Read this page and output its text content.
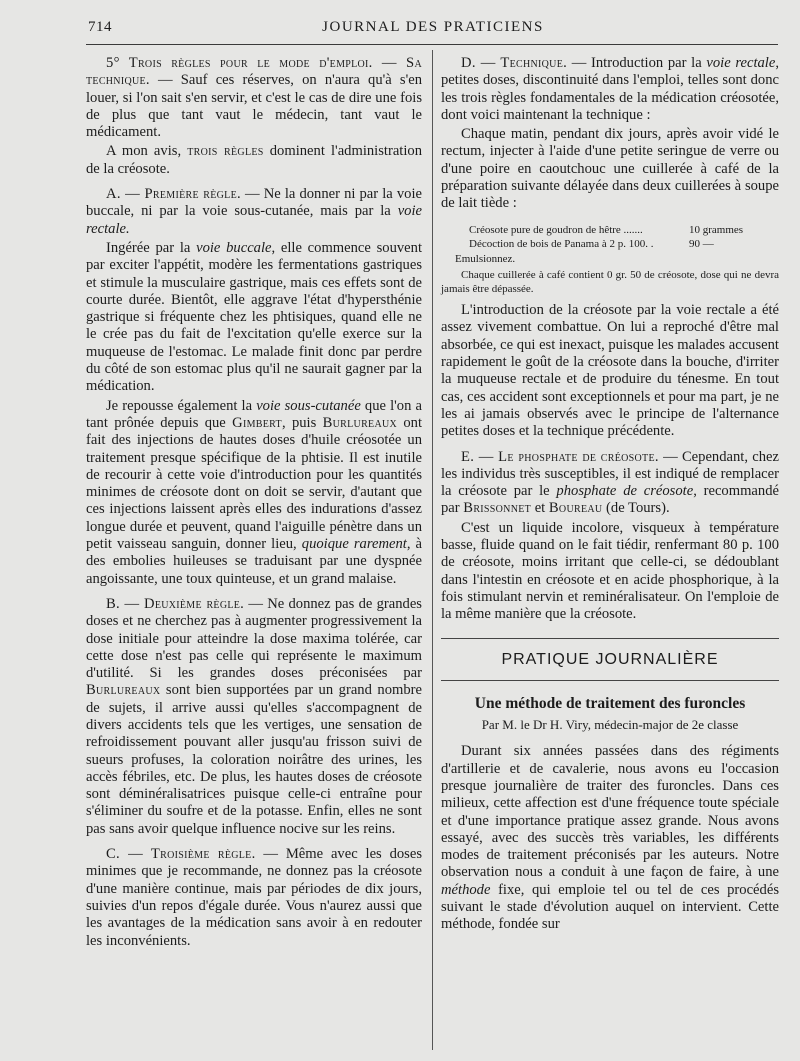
714	JOURNAL DES PRATICIENS

5° Trois règles pour le mode d'emploi. — Sa technique. — Sauf ces réserves, on n'aura qu'à s'en louer, si l'on sait s'en servir, et c'est le cas de dire une fois de plus que tant vaut le médecin, tant vaut le médicament.

A mon avis, trois règles dominent l'administration de la créosote.

A. — Première règle. — Ne la donner ni par la voie buccale, ni par la voie sous-cutanée, mais par la voie rectale.

Ingérée par la voie buccale, elle commence souvent par exciter l'appétit, modère les fermentations gastriques et stimule la musculaire gastrique, mais ces effets sont de courte durée. Bientôt, elle aggrave l'état d'hypersthénie gastrique si fréquente chez les phtisiques, quand elle ne le crée pas du fait de l'excitation qu'elle exerce sur la muqueuse de l'estomac. Le malade finit donc par perdre du côté de son estomac plus qu'il ne saurait gagner par la médication.

Je repousse également la voie sous-cutanée que l'on a tant prônée depuis que Gimbert, puis Burlureaux ont fait des injections de hautes doses d'huile créosotée un traitement presque spécifique de la phtisie. Il est inutile de recourir à cette voie d'introduction pour les quantités minimes de créosote dont on doit se servir, d'autant que ces injections laissent après elles des indurations d'assez longue durée et peuvent, quand l'aiguille pénètre dans un petit vaisseau sanguin, donner lieu, quoique rarement, à des embolies huileuses se traduisant par une dyspnée angoissante, une toux quinteuse, et un grand malaise.

B. — Deuxième règle. — Ne donnez pas de grandes doses et ne cherchez pas à augmenter progressivement la dose initiale pour atteindre la dose maxima tolérée, car cette dose n'est pas celle qui représente le maximum d'utilité. Si les grandes doses préconisées par Burlureaux sont bien supportées par un grand nombre de sujets, il arrive aussi qu'elles s'accompagnent de divers accidents tels que les vertiges, une sensation de refroidissement pouvant aller jusqu'au frisson suivi de sueurs profuses, la coloration noirâtre des urines, les accès fébriles, etc. De plus, les hautes doses de créosote sont déminéralisatrices puisque celle-ci entraîne pour s'éliminer du soufre et de la potasse. Enfin, elles ne sont pas sans avoir quelque influence nocive sur les reins.

C. — Troisième règle. — Même avec les doses minimes que je recommande, ne donnez pas la créosote d'une manière continue, mais par périodes de dix jours, suivies d'un repos d'égale durée. Vous n'aurez aussi que les avantages de la médication sans avoir à en redouter les inconvénients.

D. — Technique. — Introduction par la voie rectale, petites doses, discontinuité dans l'emploi, telles sont donc les trois règles fondamentales de la médication créosotée, dont voici maintenant la technique :

Chaque matin, pendant dix jours, après avoir vidé le rectum, injecter à l'aide d'une petite seringue de verre ou d'une poire en caoutchouc une cuillerée à café de la préparation suivante délayée dans deux cuillerées à soupe de lait tiède :

Créosote pure de goudron de hêtre .......	10 grammes
Décoction de bois de Panama à 2 p. 100. .	90 —
Emulsionnez.
Chaque cuillerée à café contient 0 gr. 50 de créosote, dose qui ne devra jamais être dépassée.

L'introduction de la créosote par la voie rectale a été assez vivement combattue. On lui a reproché d'être mal absorbée, ce qui est inexact, puisque les malades accusent rapidement le goût de la créosote dans la bouche, d'irriter la muqueuse rectale et de produire du ténesme. En tout cas, ces accident sont exceptionnels et pour ma part, je ne les ai jamais observés avec le principe de l'alternance petites doses et la technique précédente.

E. — Le phosphate de créosote. — Cependant, chez les individus très susceptibles, il est indiqué de remplacer la créosote par le phosphate de créosote, recommandé par Brissonnet et Boureau (de Tours).

C'est un liquide incolore, visqueux à température basse, fluide quand on le fait tiédir, renfermant 80 p. 100 de créosote, moins irritant que celle-ci, se dédoublant dans l'intestin en créosote et en acide phosphorique, à la fois stimulant nervin et reminéralisateur. On l'emploie de la même manière que la créosote.

PRATIQUE JOURNALIÈRE
Une méthode de traitement des furoncles
Par M. le Dr H. Viry, médecin-major de 2e classe

Durant six années passées dans des régiments d'artillerie et de cavalerie, nous avons eu l'occasion presque journalière de traiter des furoncles. Dans ces milieux, cette affection est d'une fréquence toute spéciale et d'une importance pratique assez grande. Nous avons essayé, avec des succès très variables, les différents modes de traitement préconisés par les auteurs. Notre observation nous a conduit à une façon de faire, à une méthode fixe, qui emploie tel ou tel de ces procédés suivant le stade d'évolution auquel on intervient. Cette méthode, fondée sur
